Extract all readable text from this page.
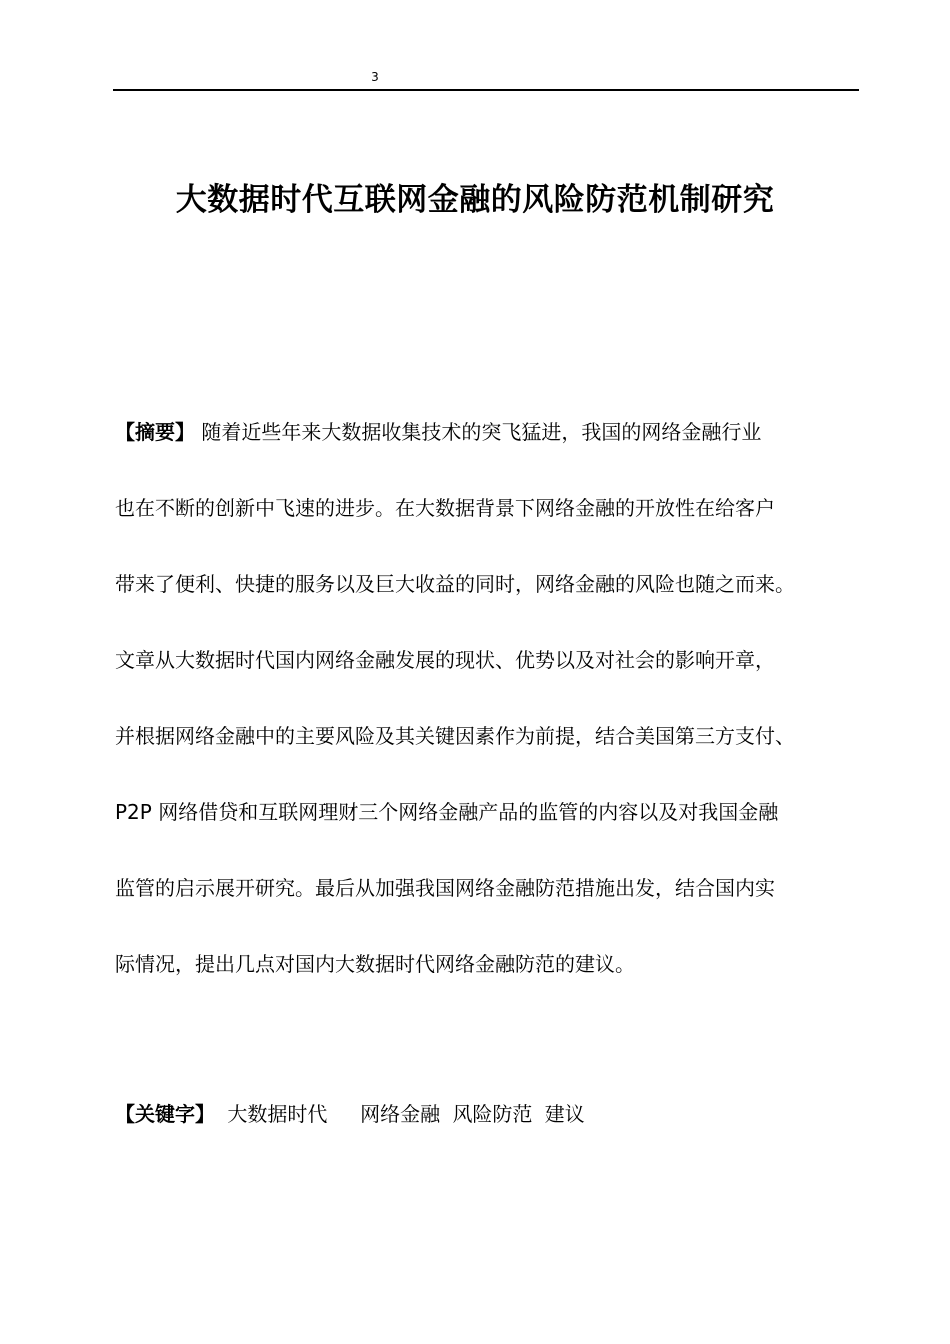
3
大数据时代互联网金融的风险防范机制研究
【摘要】 随着近些年来大数据收集技术的突飞猛进，我国的网络金融行业
也在不断的创新中飞速的进步。在大数据背景下网络金融的开放性在给客户
带来了便利、快捷的服务以及巨大收益的同时，网络金融的风险也随之而来。
文章从大数据时代国内网络金融发展的现状、优势以及对社会的影响开章，
并根据网络金融中的主要风险及其关键因素作为前提，结合美国第三方支付、
P2P 网络借贷和互联网理财三个网络金融产品的监管的内容以及对我国金融
监管的启示展开研究。最后从加强我国网络金融防范措施出发，结合国内实
际情况，提出几点对国内大数据时代网络金融防范的建议。
【关键字】 大数据时代 网络金融 风险防范 建议
